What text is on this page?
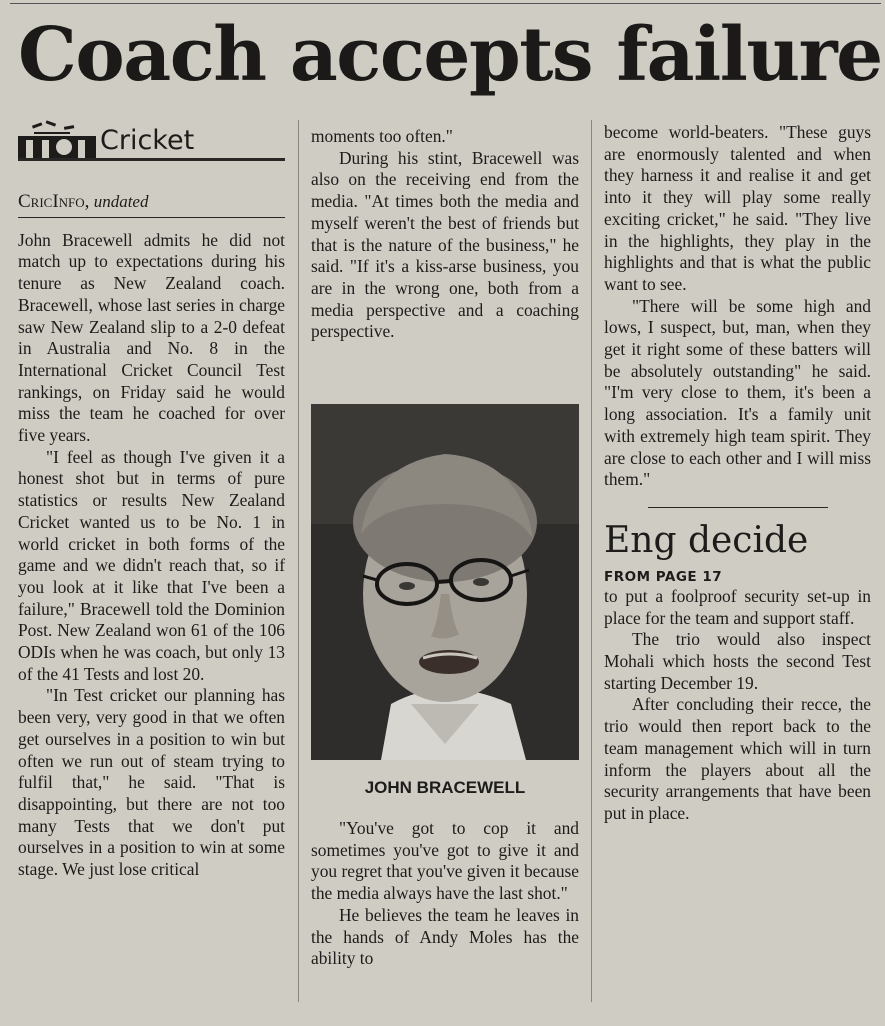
Coach accepts failure
Cricket
CricInfo, undated

John Bracewell admits he did not match up to expectations during his tenure as New Zealand coach. Bracewell, whose last series in charge saw New Zealand slip to a 2-0 defeat in Australia and No. 8 in the International Cricket Council Test rankings, on Friday said he would miss the team he coached for over five years.

"I feel as though I've given it a honest shot but in terms of pure statistics or results New Zealand Cricket wanted us to be No. 1 in world cricket in both forms of the game and we didn't reach that, so if you look at it like that I've been a failure," Bracewell told the Dominion Post. New Zealand won 61 of the 106 ODIs when he was coach, but only 13 of the 41 Tests and lost 20.

"In Test cricket our planning has been very, very good in that we often get ourselves in a position to win but often we run out of steam trying to fulfil that," he said. "That is disappointing, but there are not too many Tests that we don't put ourselves in a position to win at some stage. We just lose critical

moments too often."

During his stint, Bracewell was also on the receiving end from the media. "At times both the media and myself weren't the best of friends but that is the nature of the business," he said. "If it's a kiss-arse business, you are in the wrong one, both from a media perspective and a coaching perspective.

JOHN BRACEWELL

"You've got to cop it and sometimes you've got to give it and you regret that you've given it because the media always have the last shot."

He believes the team he leaves in the hands of Andy Moles has the ability to

become world-beaters. "These guys are enormously talented and when they harness it and realise it and get into it they will play some really exciting cricket," he said. "They live in the highlights, they play in the highlights and that is what the public want to see.

"There will be some high and lows, I suspect, but, man, when they get it right some of these batters will be absolutely outstanding" he said. "I'm very close to them, it's been a long association. It's a family unit with extremely high team spirit. They are close to each other and I will miss them."

Eng decide
FROM PAGE 17

to put a foolproof security set-up in place for the team and support staff.

The trio would also inspect Mohali which hosts the second Test starting December 19.

After concluding their recce, the trio would then report back to the team management which will in turn inform the players about all the security arrangements that have been put in place.
